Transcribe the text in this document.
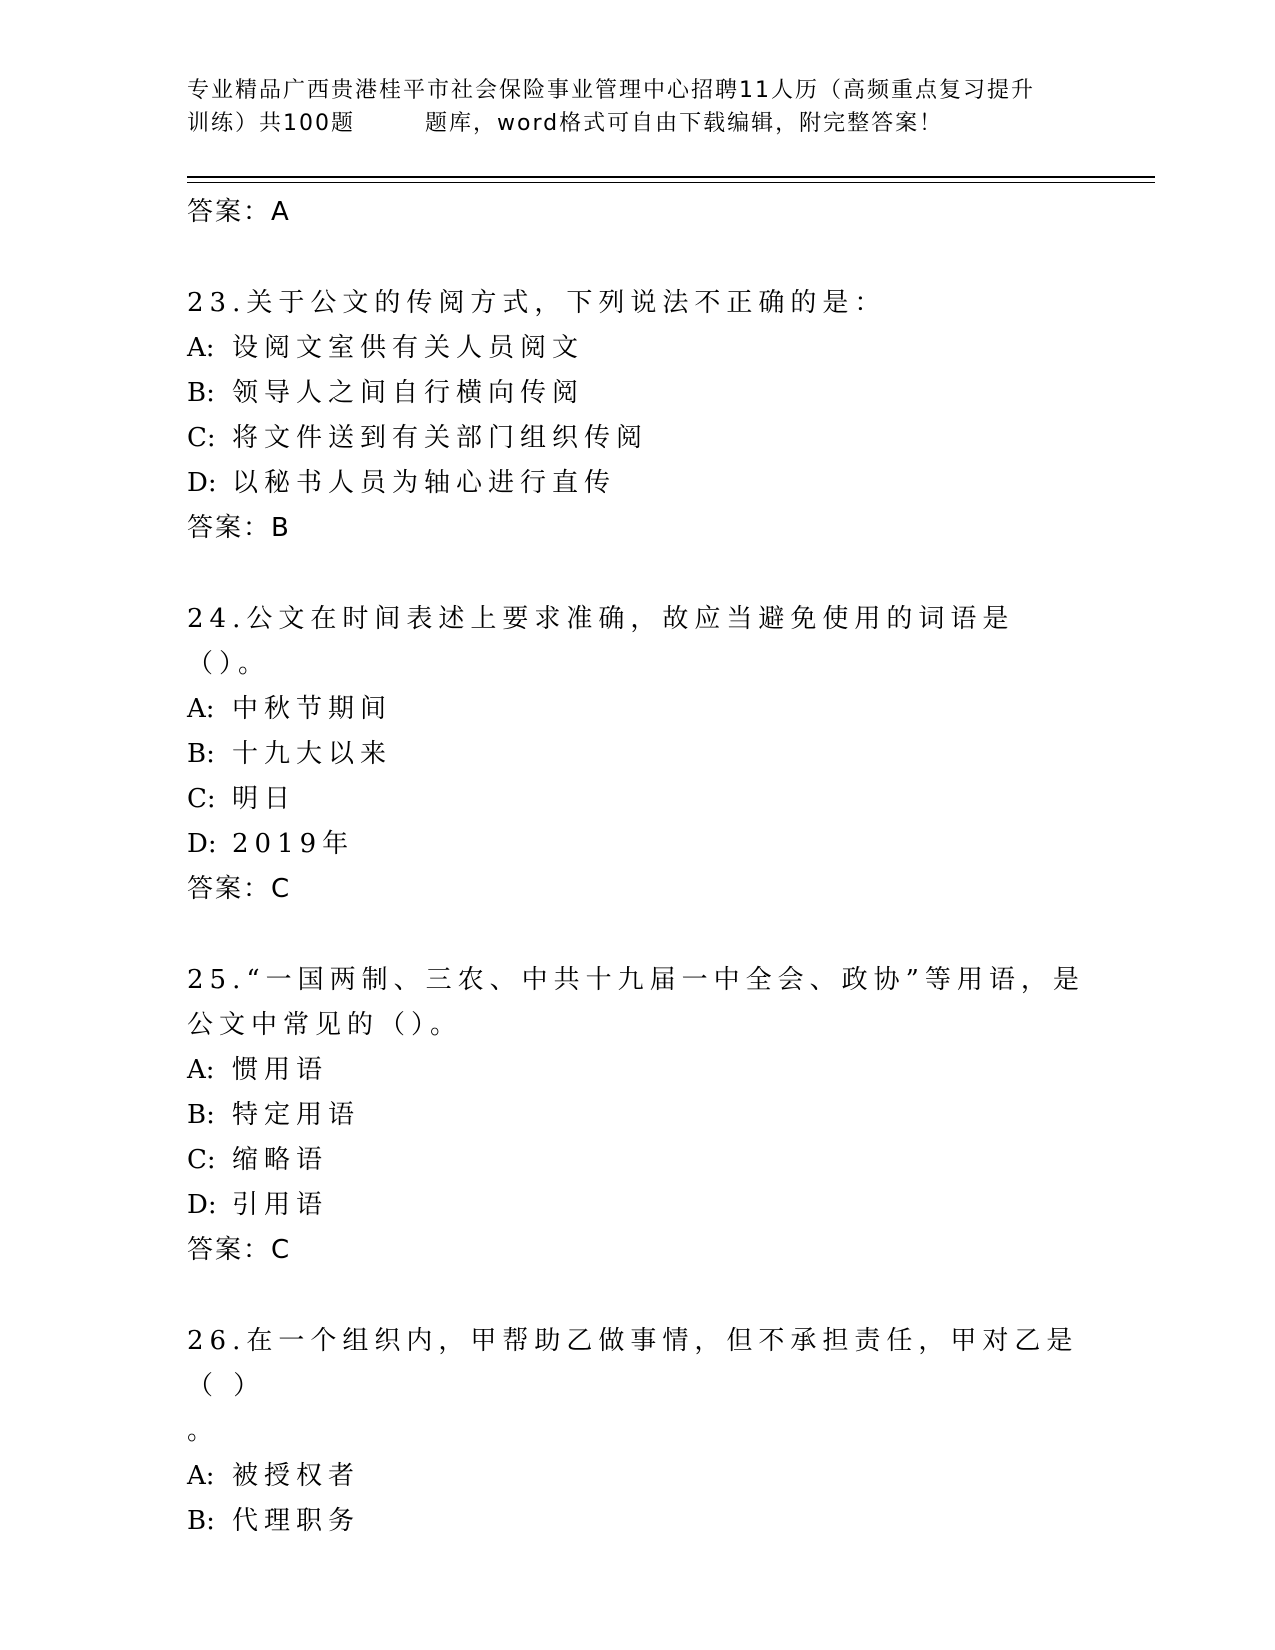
专业精品广西贵港桂平市社会保险事业管理中心招聘11人历（高频重点复习提升
训练）共100题	题库，word格式可自由下载编辑，附完整答案！
答案：A
23.关于公文的传阅方式，下列说法不正确的是：
A: 设阅文室供有关人员阅文
B: 领导人之间自行横向传阅
C: 将文件送到有关部门组织传阅
D: 以秘书人员为轴心进行直传
答案：B
24.公文在时间表述上要求准确，故应当避免使用的词语是（）。
A: 中秋节期间
B: 十九大以来
C: 明日
D: 2019年
答案：C
25.“一国两制、三农、中共十九届一中全会、政协”等用语，是公文中常见的（）。
A: 惯用语
B: 特定用语
C: 缩略语
D: 引用语
答案：C
26.在一个组织内，甲帮助乙做事情，但不承担责任，甲对乙是（ ）
。
A: 被授权者
B: 代理职务
